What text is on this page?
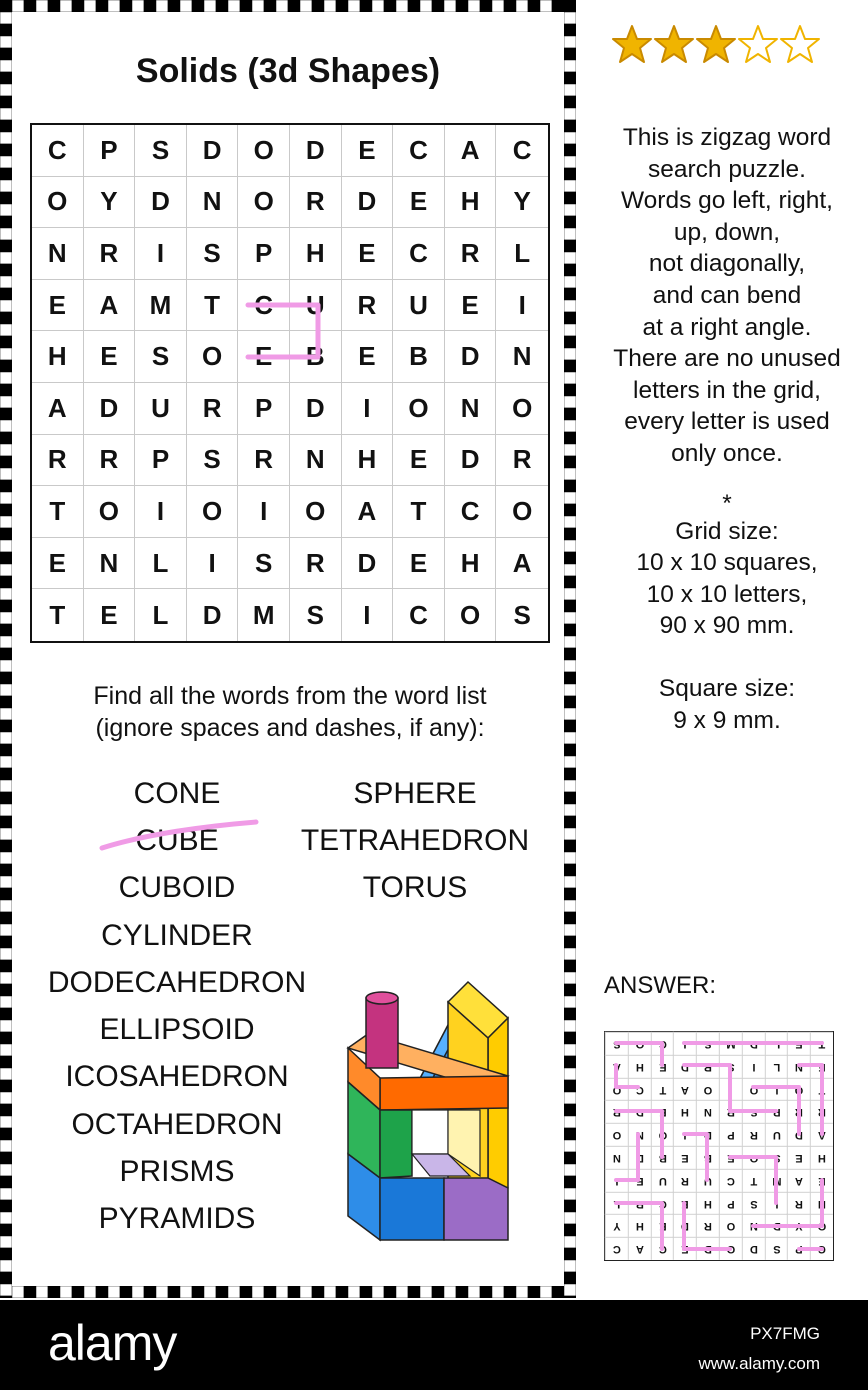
Solids (3d Shapes)
C	P	S	D	O	D	E	C	A	C
O	Y	D	N	O	R	D	E	H	Y
N	R	I	S	P	H	E	C	R	L
E	A	M	T	C	U	R	U	E	I
H	E	S	O	E	B	E	B	D	N
A	D	U	R	P	D	I	O	N	O
R	R	P	S	R	N	H	E	D	R
T	O	I	O	I	O	A	T	C	O
E	N	L	I	S	R	D	E	H	A
T	E	L	D	M	S	I	C	O	S
Find all the words from the word list
(ignore spaces and dashes, if any):
CONE
CUBE
CUBOID
CYLINDER
DODECAHEDRON
ELLIPSOID
ICOSAHEDRON
OCTAHEDRON
PRISMS
PYRAMIDS
SPHERE
TETRAHEDRON
TORUS
This is zigzag word
search puzzle.
Words go left, right,
up, down,
not diagonally,
and can bend
at a right angle.
There are no unused
letters in the grid,
every letter is used
only once.
*
Grid size:
10 x 10 squares,
10 x 10 letters,
90 x 90 mm.
Square size:
9 x 9 mm.
ANSWER:
S	O	C	I	S	M	D	L	E	T
A	H	E	D	R	S	I	L	N	E
O	C	T	A	O	I	O	I	O	T
R	D	E	H	N	R	S	P	R	R
O	N	O	I	D	P	R	U	D	A
N	D	B	E	B	E	O	S	E	H
I	E	U	R	U	C	T	M	A	E
L	R	C	E	H	P	S	I	R	N
Y	H	E	D	R	O	N	D	Y	O
C	A	C	E	D	O	D	S	P	C
alamy	PX7FMG
www.alamy.com
